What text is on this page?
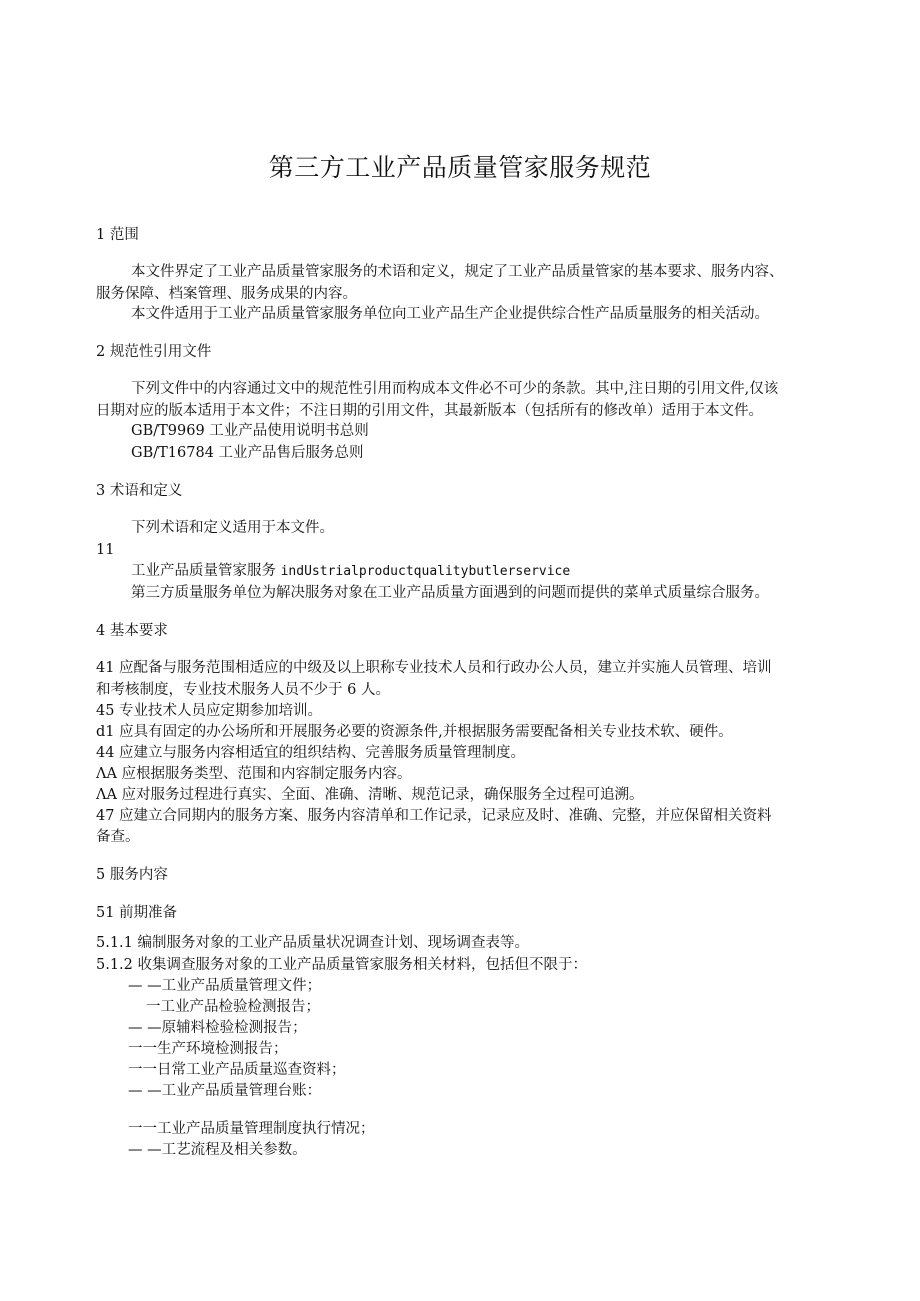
第三方工业产品质量管家服务规范
1 范围
本文件界定了工业产品质量管家服务的术语和定义，规定了工业产品质量管家的基本要求、服务内容、
服务保障、档案管理、服务成果的内容。
本文件适用于工业产品质量管家服务单位向工业产品生产企业提供综合性产品质量服务的相关活动。
2 规范性引用文件
下列文件中的内容通过文中的规范性引用而构成本文件必不可少的条款。其中,注日期的引用文件,仅该
日期对应的版本适用于本文件；不注日期的引用文件，其最新版本（包括所有的修改单）适用于本文件。
GB/T9969 工业产品使用说明书总则
GB/T16784 工业产品售后服务总则
3 术语和定义
下列术语和定义适用于本文件。
11
工业产品质量管家服务 indUstrialproductqualitybutlerservice
第三方质量服务单位为解决服务对象在工业产品质量方面遇到的问题而提供的菜单式质量综合服务。
4 基本要求
41 应配备与服务范围相适应的中级及以上职称专业技术人员和行政办公人员，建立并实施人员管理、培训
和考核制度，专业技术服务人员不少于 6 人。
45 专业技术人员应定期参加培训。
d1 应具有固定的办公场所和开展服务必要的资源条件,并根据服务需要配备相关专业技术软、硬件。
44 应建立与服务内容相适宜的组织结构、完善服务质量管理制度。
ΛA 应根据服务类型、范围和内容制定服务内容。
ΛA 应对服务过程进行真实、全面、准确、清晰、规范记录，确保服务全过程可追溯。
47 应建立合同期内的服务方案、服务内容清单和工作记录，记录应及时、准确、完整，并应保留相关资料
备查。
5 服务内容
51 前期准备
5.1.1 编制服务对象的工业产品质量状况调查计划、现场调查表等。
5.1.2 收集调查服务对象的工业产品质量管家服务相关材料，包括但不限于：
— —工业产品质量管理文件；
一工业产品检验检测报告；
— —原辅料检验检测报告；
一一生产环境检测报告；
一一日常工业产品质量巡查资料；
— —工业产品质量管理台账：
一一工业产品质量管理制度执行情况；
— —工艺流程及相关参数。
